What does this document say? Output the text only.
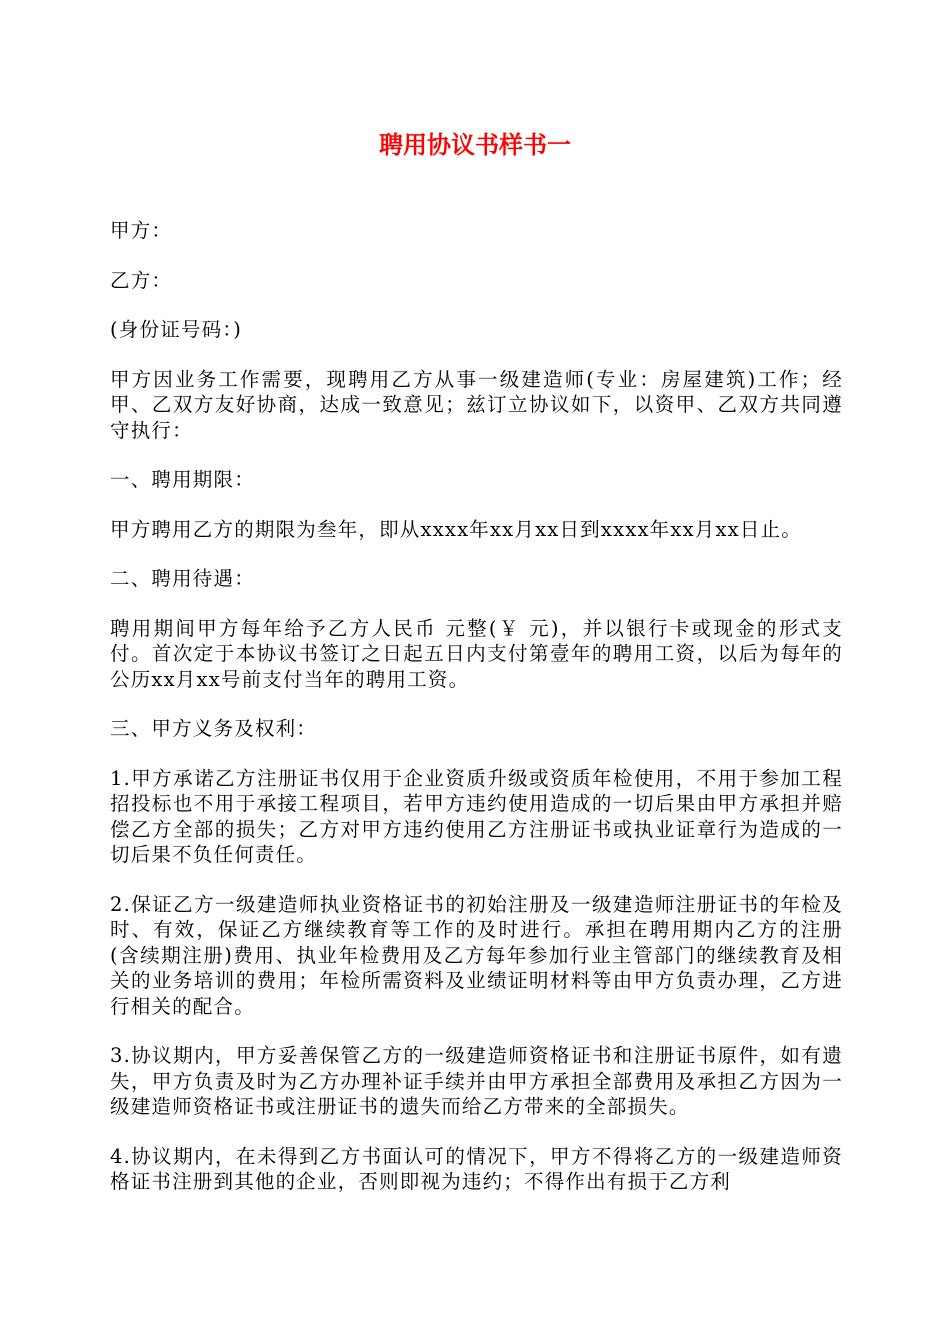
聘用协议书样书一

甲方：

乙方：

(身份证号码：)

甲方因业务工作需要，现聘用乙方从事一级建造师(专业：房屋建筑)工作；经甲、乙双方友好协商，达成一致意见；兹订立协议如下，以资甲、乙双方共同遵守执行：

一、聘用期限：

甲方聘用乙方的期限为叁年，即从xxxx年xx月xx日到xxxx年xx月xx日止。

二、聘用待遇：

聘用期间甲方每年给予乙方人民币 元整(￥ 元)，并以银行卡或现金的形式支付。首次定于本协议书签订之日起五日内支付第壹年的聘用工资，以后为每年的公历xx月xx号前支付当年的聘用工资。

三、甲方义务及权利：

1.甲方承诺乙方注册证书仅用于企业资质升级或资质年检使用，不用于参加工程招投标也不用于承接工程项目，若甲方违约使用造成的一切后果由甲方承担并赔偿乙方全部的损失；乙方对甲方违约使用乙方注册证书或执业证章行为造成的一切后果不负任何责任。

2.保证乙方一级建造师执业资格证书的初始注册及一级建造师注册证书的年检及时、有效，保证乙方继续教育等工作的及时进行。承担在聘用期内乙方的注册(含续期注册)费用、执业年检费用及乙方每年参加行业主管部门的继续教育及相关的业务培训的费用；年检所需资料及业绩证明材料等由甲方负责办理，乙方进行相关的配合。

3.协议期内，甲方妥善保管乙方的一级建造师资格证书和注册证书原件，如有遗失，甲方负责及时为乙方办理补证手续并由甲方承担全部费用及承担乙方因为一级建造师资格证书或注册证书的遗失而给乙方带来的全部损失。

4.协议期内，在未得到乙方书面认可的情况下，甲方不得将乙方的一级建造师资格证书注册到其他的企业，否则即视为违约；不得作出有损于乙方利
